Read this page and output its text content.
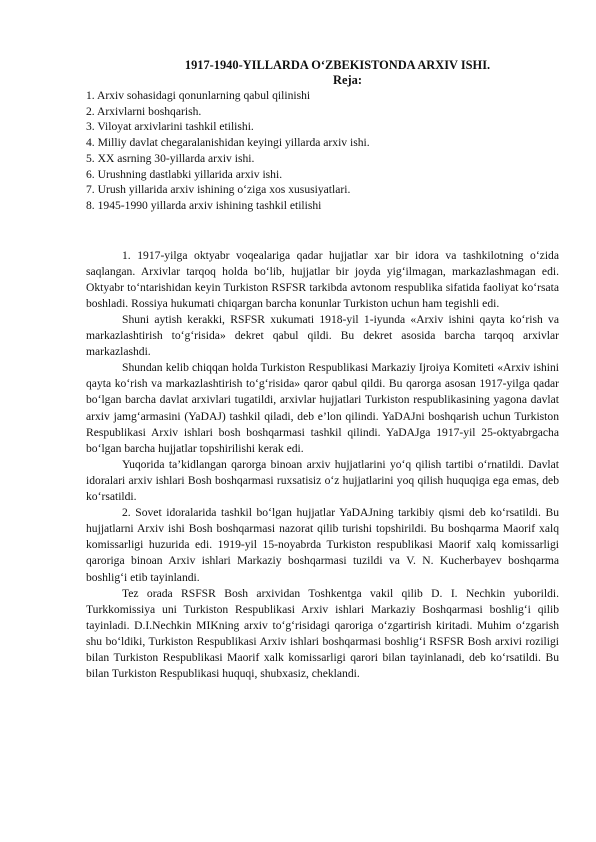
1917-1940-YILLARDA O‘ZBEKISTONDA ARXIV ISHI.
Reja:
1. Arxiv sohasidagi qonunlarning qabul qilinishi
2. Arxivlarni boshqarish.
3. Viloyat arxivlarini tashkil etilishi.
4. Milliy davlat chegaralanishidan keyingi yillarda arxiv ishi.
5. XX asrning 30-yillarda arxiv ishi.
6. Urushning dastlabki yillarida arxiv ishi.
7. Urush yillarida arxiv ishining o‘ziga xos xususiyatlari.
8. 1945-1990 yillarda arxiv ishining tashkil etilishi

1. 1917-yilga oktyabr voqealariga qadar hujjatlar xar bir idora va tashkilotning o‘zida saqlangan. Arxivlar tarqoq holda bo‘lib, hujjatlar bir joyda yig‘ilmagan, markazlashmagan edi. Oktyabr to‘ntarishidan keyin Turkiston RSFSR tarkibda avtonom respublika sifatida faoliyat ko‘rsata boshladi. Rossiya hukumati chiqargan barcha konunlar Turkiston uchun ham tegishli edi.

Shuni aytish kerakki, RSFSR xukumati 1918-yil 1-iyunda «Arxiv ishini qayta ko‘rish va markazlashtirish to‘g‘risida» dekret qabul qildi. Bu dekret asosida barcha tarqoq arxivlar markazlashdi.

Shundan kelib chiqqan holda Turkiston Respublikasi Markaziy Ijroiya Komiteti «Arxiv ishini qayta ko‘rish va markazlashtirish to‘g‘risida» qaror qabul qildi. Bu qarorga asosan 1917-yilga qadar bo‘lgan barcha davlat arxivlari tugatildi, arxivlar hujjatlari Turkiston respublikasining yagona davlat arxiv jamg‘armasini (YaDAJ) tashkil qiladi, deb e’lon qilindi. YaDAJni boshqarish uchun Turkiston Respublikasi Arxiv ishlari bosh boshqarmasi tashkil qilindi. YaDAJga 1917-yil 25-oktyabrgacha bo‘lgan barcha hujjatlar topshirilishi kerak edi.

Yuqorida ta’kidlangan qarorga binoan arxiv hujjatlarini yo‘q qilish tartibi o‘rnatildi. Davlat idoralari arxiv ishlari Bosh boshqarmasi ruxsatisiz o‘z hujjatlarini yoq qilish huquqiga ega emas, deb ko‘rsatildi.

2. Sovet idoralarida tashkil bo‘lgan hujjatlar YaDAJning tarkibiy qismi deb ko‘rsatildi. Bu hujjatlarni Arxiv ishi Bosh boshqarmasi nazorat qilib turishi topshirildi. Bu boshqarma Maorif xalq komissarligi huzurida edi. 1919-yil 15-noyabrda Turkiston respublikasi Maorif xalq komissarligi qaroriga binoan Arxiv ishlari Markaziy boshqarmasi tuzildi va V. N. Kucherbayev boshqarma boshlig‘i etib tayinlandi.

Tez orada RSFSR Bosh arxividan Toshkentga vakil qilib D. I. Nechkin yuborildi. Turkkomissiya uni Turkiston Respublikasi Arxiv ishlari Markaziy Boshqarmasi boshlig‘i qilib tayinladi. D.I.Nechkin MIKning arxiv to‘g‘risidagi qaroriga o‘zgartirish kiritadi. Muhim o‘zgarish shu bo‘ldiki, Turkiston Respublikasi Arxiv ishlari boshqarmasi boshlig‘i RSFSR Bosh arxivi roziligi bilan Turkiston Respublikasi Maorif xalk komissarligi qarori bilan tayinlanadi, deb ko‘rsatildi. Bu bilan Turkiston Respublikasi huquqi, shubxasiz, cheklandi.
